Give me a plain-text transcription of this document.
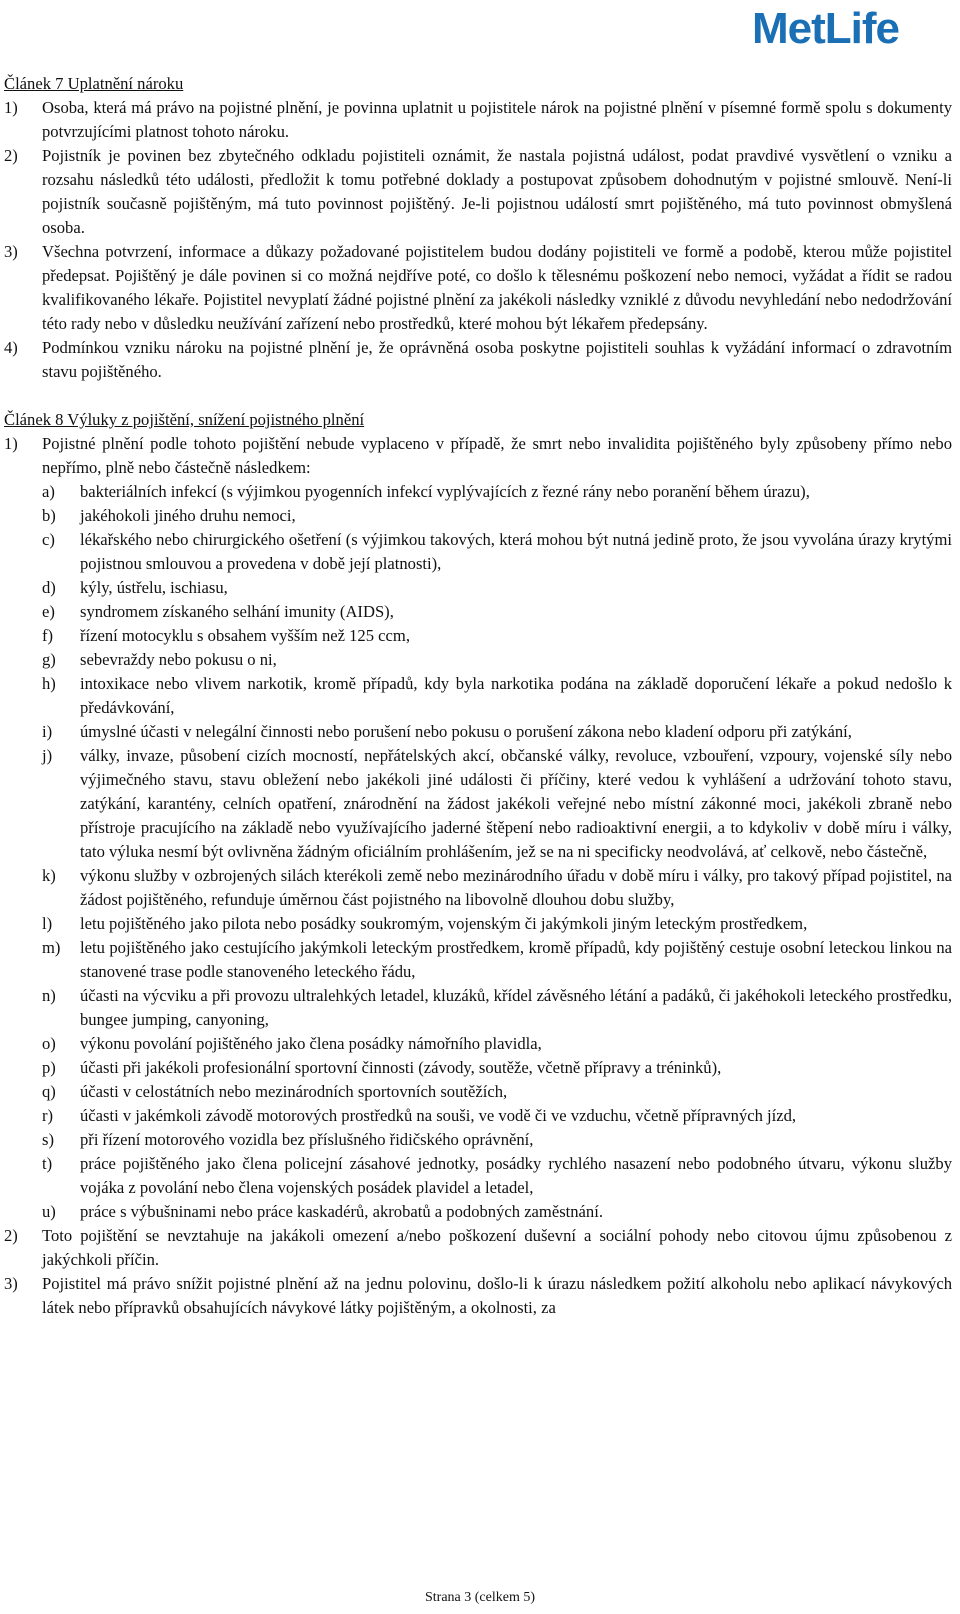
MetLife

Článek 7 Uplatnění nároku

1)	Osoba, která má právo na pojistné plnění, je povinna uplatnit u pojistitele nárok na pojistné plnění v písemné formě spolu s dokumenty potvrzujícími platnost tohoto nároku.
2)	Pojistník je povinen bez zbytečného odkladu pojistiteli oznámit, že nastala pojistná událost, podat pravdivé vysvětlení o vzniku a rozsahu následků této události, předložit k tomu potřebné doklady a postupovat způsobem dohodnutým v pojistné smlouvě. Není-li pojistník současně pojištěným, má tuto povinnost pojištěný. Je-li pojistnou událostí smrt pojištěného, má tuto povinnost obmyšlená osoba.
3)	Všechna potvrzení, informace a důkazy požadované pojistitelem budou dodány pojistiteli ve formě a podobě, kterou může pojistitel předepsat. Pojištěný je dále povinen si co možná nejdříve poté, co došlo k tělesnému poškození nebo nemoci, vyžádat a řídit se radou kvalifikovaného lékaře. Pojistitel nevyplatí žádné pojistné plnění za jakékoli následky vzniklé z důvodu nevyhledání nebo nedodržování této rady nebo v důsledku neužívání zařízení nebo prostředků, které mohou být lékařem předepsány.
4)	Podmínkou vzniku nároku na pojistné plnění je, že oprávněná osoba poskytne pojistiteli souhlas k vyžádání informací o zdravotním stavu pojištěného.

Článek 8 Výluky z pojištění, snížení pojistného plnění

1)	Pojistné plnění podle tohoto pojištění nebude vyplaceno v případě, že smrt nebo invalidita pojištěného byly způsobeny přímo nebo nepřímo, plně nebo částečně následkem:
a)	bakteriálních infekcí (s výjimkou pyogenních infekcí vyplývajících z řezné rány nebo poranění během úrazu),
b)	jakéhokoli jiného druhu nemoci,
c)	lékařského nebo chirurgického ošetření (s výjimkou takových, která mohou být nutná jedině proto, že jsou vyvolána úrazy krytými pojistnou smlouvou a provedena v době její platnosti),
d)	kýly, ústřelu, ischiasu,
e)	syndromem získaného selhání imunity (AIDS),
f)	řízení motocyklu s obsahem vyšším než 125 ccm,
g)	sebevraždy nebo pokusu o ni,
h)	intoxikace nebo vlivem narkotik, kromě případů, kdy byla narkotika podána na základě doporučení lékaře a pokud nedošlo k předávkování,
i)	úmyslné účasti v nelegální činnosti nebo porušení nebo pokusu o porušení zákona nebo kladení odporu při zatýkání,
j)	války, invaze, působení cizích mocností, nepřátelských akcí, občanské války, revoluce, vzbouření, vzpoury, vojenské síly nebo výjimečného stavu, stavu obležení nebo jakékoli jiné události či příčiny, které vedou k vyhlášení a udržování tohoto stavu, zatýkání, karantény, celních opatření, znárodnění na žádost jakékoli veřejné nebo místní zákonné moci, jakékoli zbraně nebo přístroje pracujícího na základě nebo využívajícího jaderné štěpení nebo radioaktivní energii, a to kdykoliv v době míru i války, tato výluka nesmí být ovlivněna žádným oficiálním prohlášením, jež se na ni specificky neodvolává, ať celkově, nebo částečně,
k)	výkonu služby v ozbrojených silách kterékoli země nebo mezinárodního úřadu v době míru i války, pro takový případ pojistitel, na žádost pojištěného, refunduje úměrnou část pojistného na libovolně dlouhou dobu služby,
l)	letu pojištěného jako pilota nebo posádky soukromým, vojenským či jakýmkoli jiným leteckým prostředkem,
m)	letu pojištěného jako cestujícího jakýmkoli leteckým prostředkem, kromě případů, kdy pojištěný cestuje osobní leteckou linkou na stanovené trase podle stanoveného leteckého řádu,
n)	účasti na výcviku a při provozu ultralehkých letadel, kluzáků, křídel závěsného létání a padáků, či jakéhokoli leteckého prostředku, bungee jumping, canyoning,
o)	výkonu povolání pojištěného jako člena posádky námořního plavidla,
p)	účasti při jakékoli profesionální sportovní činnosti (závody, soutěže, včetně přípravy a tréninků),
q)	účasti v celostátních nebo mezinárodních sportovních soutěžích,
r)	účasti v jakémkoli závodě motorových prostředků na souši, ve vodě či ve vzduchu, včetně přípravných jízd,
s)	při řízení motorového vozidla bez příslušného řidičského oprávnění,
t)	práce pojištěného jako člena policejní zásahové jednotky, posádky rychlého nasazení nebo podobného útvaru, výkonu služby vojáka z povolání nebo člena vojenských posádek plavidel a letadel,
u)	práce s výbušninami nebo práce kaskadérů, akrobatů a podobných zaměstnání.
2)	Toto pojištění se nevztahuje na jakákoli omezení a/nebo poškození duševní a sociální pohody nebo citovou újmu způsobenou z jakýchkoli příčin.
3)	Pojistitel má právo snížit pojistné plnění až na jednu polovinu, došlo-li k úrazu následkem požití alkoholu nebo aplikací návykových látek nebo přípravků obsahujících návykové látky pojištěným, a okolnosti, za
Strana 3 (celkem 5)
